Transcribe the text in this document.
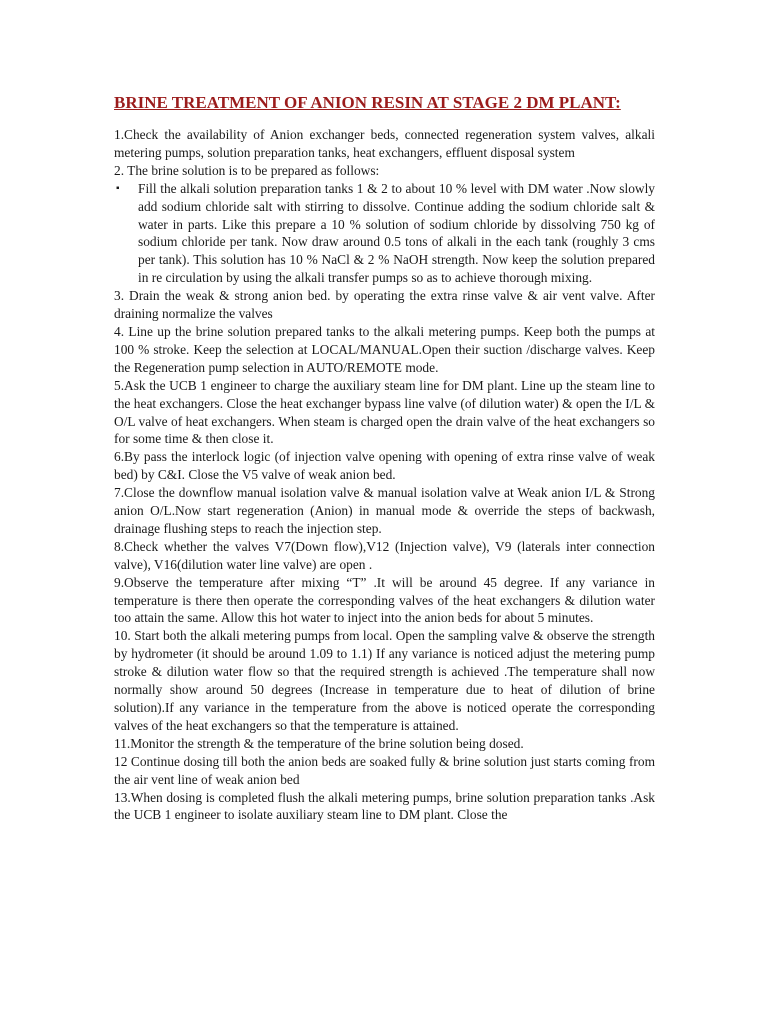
BRINE TREATMENT OF ANION RESIN AT STAGE 2 DM PLANT:

1.Check the availability of Anion exchanger beds, connected regeneration system valves, alkali metering pumps, solution preparation tanks, heat exchangers, effluent disposal system

2. The brine solution is to be prepared as follows:

▪	Fill the alkali solution preparation tanks 1 & 2 to about 10 % level with DM water .Now slowly add sodium chloride salt with stirring to dissolve. Continue adding the sodium chloride salt & water in parts. Like this prepare a 10 % solution of sodium chloride by dissolving 750 kg of sodium chloride per tank. Now draw around 0.5 tons of alkali in the each tank (roughly 3 cms per tank). This solution has 10 % NaCl & 2 % NaOH strength. Now keep the solution prepared in re circulation by using the alkali transfer pumps so as to achieve thorough mixing.

3. Drain the weak & strong anion bed. by operating the extra rinse valve & air vent valve. After draining normalize the valves

4. Line up the brine solution prepared tanks to the alkali metering pumps. Keep both the pumps at 100 % stroke. Keep the selection at LOCAL/MANUAL.Open their suction /discharge valves. Keep the Regeneration pump selection in AUTO/REMOTE mode.

5.Ask the UCB 1 engineer to charge the auxiliary steam line for DM plant. Line up the steam line to the heat exchangers. Close the heat exchanger bypass line valve (of dilution water) & open the I/L & O/L valve of heat exchangers. When steam is charged open the drain valve of the heat exchangers so for some time & then close it.

6.By pass the interlock logic (of injection valve opening with opening of extra rinse valve of weak bed) by C&I. Close the V5 valve of weak anion bed.

7.Close the downflow manual isolation valve & manual isolation valve at Weak anion I/L & Strong anion O/L.Now start regeneration (Anion) in manual mode & override the steps of backwash, drainage flushing steps to reach the injection step.

8.Check whether the valves V7(Down flow),V12 (Injection valve), V9 (laterals inter connection valve), V16(dilution water line valve) are open .

9.Observe the temperature after mixing “T” .It will be around 45 degree. If any variance in temperature is there then operate the corresponding valves of the heat exchangers & dilution water too attain the same. Allow this hot water to inject into the anion beds for about 5 minutes.

10. Start both the alkali metering pumps from local. Open the sampling valve & observe the strength by hydrometer (it should be around 1.09 to 1.1) If any variance is noticed adjust the metering pump stroke & dilution water flow so that the required strength is achieved .The temperature shall now normally show around 50 degrees (Increase in temperature due to heat of dilution of brine solution).If any variance in the temperature from the above is noticed operate the corresponding valves of the heat exchangers so that the temperature is attained.

11.Monitor the strength & the temperature of the brine solution being dosed.

12 Continue dosing till both the anion beds are soaked fully & brine solution just starts coming from the air vent line of weak anion bed

13.When dosing is completed flush the alkali metering pumps, brine solution preparation tanks .Ask the UCB 1 engineer to isolate auxiliary steam line to DM plant. Close the
